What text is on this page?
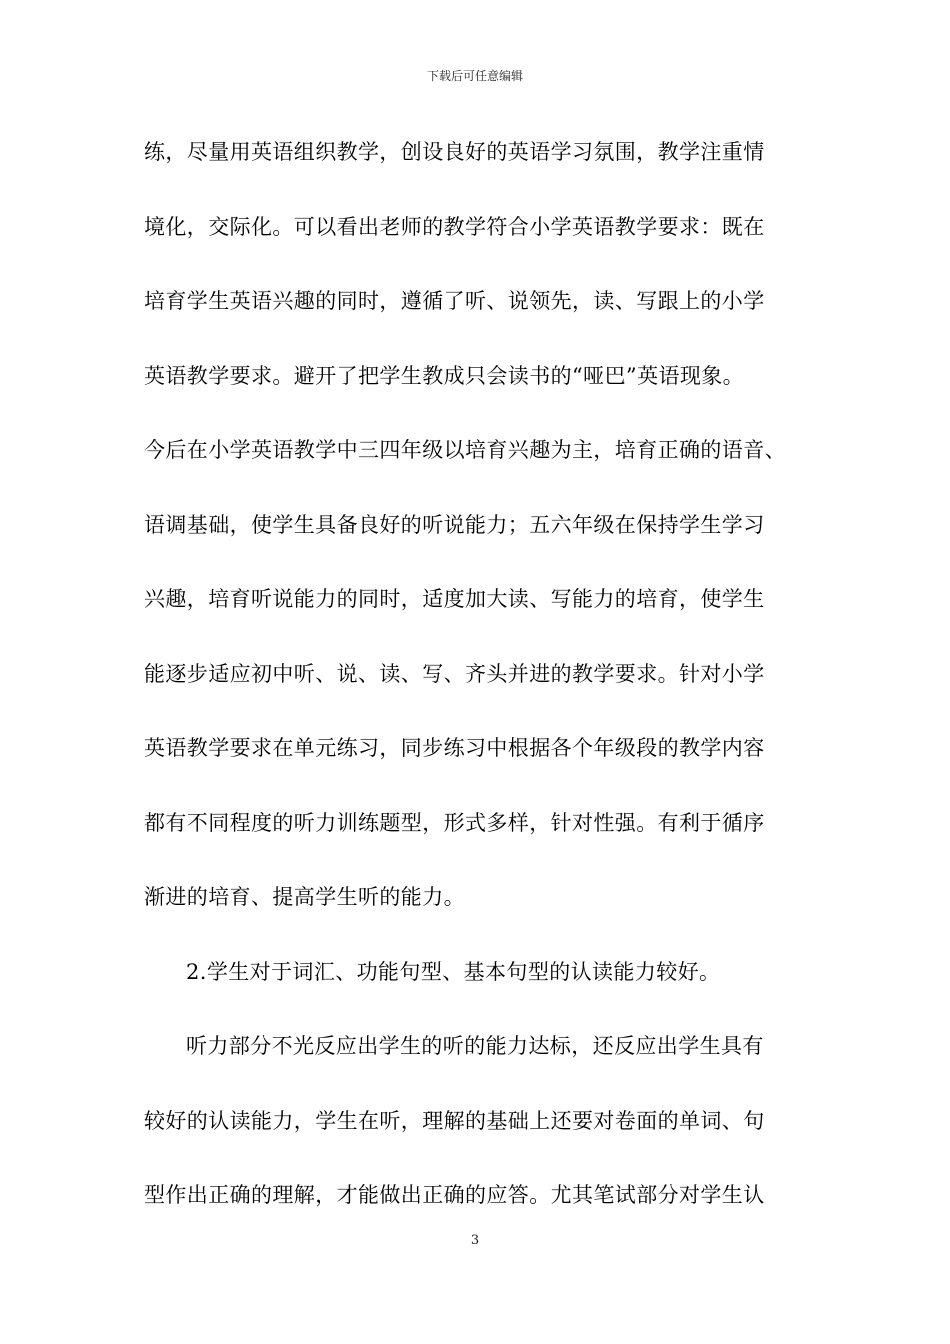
下载后可任意编辑
练，尽量用英语组织教学，创设良好的英语学习氛围，教学注重情
境化，交际化。可以看出老师的教学符合小学英语教学要求：既在
培育学生英语兴趣的同时，遵循了听、说领先，读、写跟上的小学
英语教学要求。避开了把学生教成只会读书的“哑巴”英语现象。
今后在小学英语教学中三四年级以培育兴趣为主，培育正确的语音、
语调基础，使学生具备良好的听说能力；五六年级在保持学生学习
兴趣，培育听说能力的同时，适度加大读、写能力的培育，使学生
能逐步适应初中听、说、读、写、齐头并进的教学要求。针对小学
英语教学要求在单元练习，同步练习中根据各个年级段的教学内容
都有不同程度的听力训练题型，形式多样，针对性强。有利于循序
渐进的培育、提高学生听的能力。
2.学生对于词汇、功能句型、基本句型的认读能力较好。
听力部分不光反应出学生的听的能力达标，还反应出学生具有
较好的认读能力，学生在听，理解的基础上还要对卷面的单词、句
型作出正确的理解，才能做出正确的应答。尤其笔试部分对学生认
3
